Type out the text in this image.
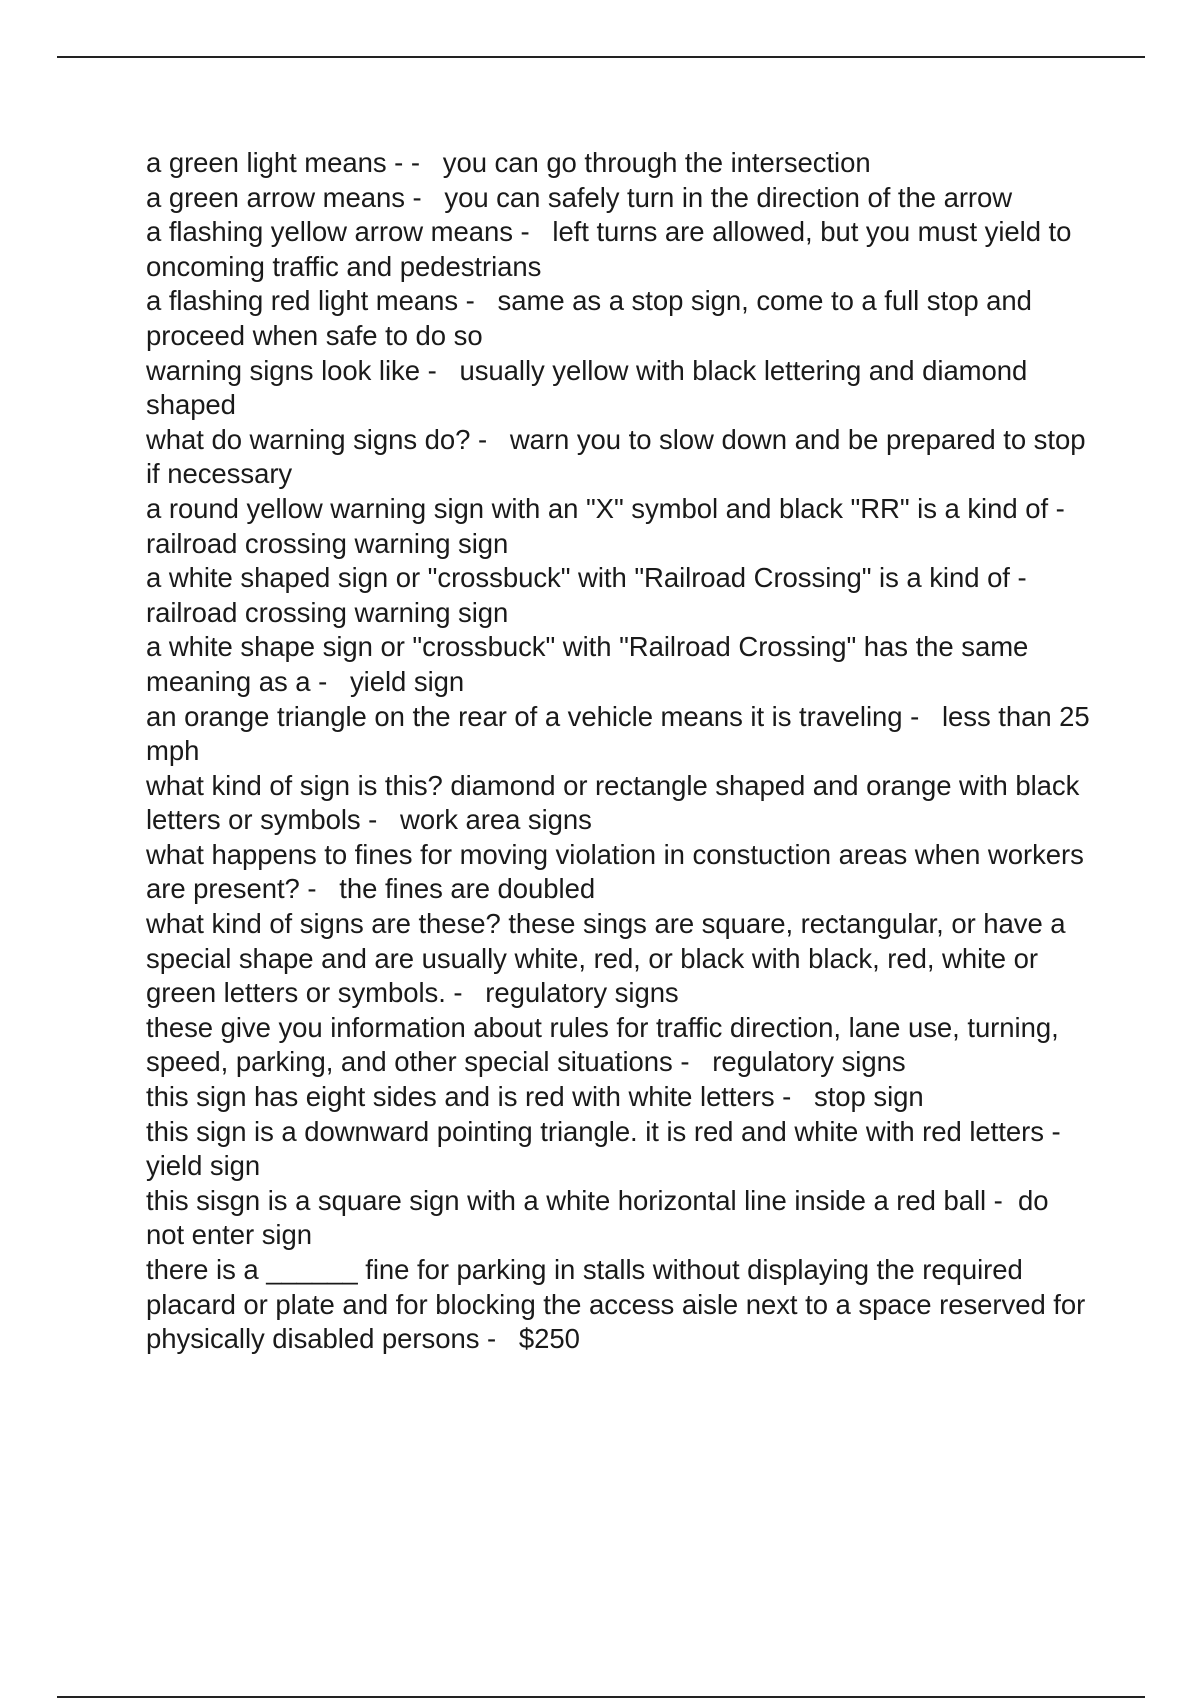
a green light means - -   you can go through the intersection

a green arrow means -   you can safely turn in the direction of the arrow

a flashing yellow arrow means -   left turns are allowed, but you must yield to oncoming traffic and pedestrians

a flashing red light means -   same as a stop sign, come to a full stop and proceed when safe to do so

warning signs look like -   usually yellow with black lettering and diamond shaped

what do warning signs do? -   warn you to slow down and be prepared to stop if necessary

a round yellow warning sign with an "X" symbol and black "RR" is a kind of -   railroad crossing warning sign

a white shaped sign or "crossbuck" with "Railroad Crossing" is a kind of -   railroad crossing warning sign

a white shape sign or "crossbuck" with "Railroad Crossing" has the same meaning as a -   yield sign

an orange triangle on the rear of a vehicle means it is traveling -   less than 25 mph

what kind of sign is this? diamond or rectangle shaped and orange with black letters or symbols -   work area signs

what happens to fines for moving violation in constuction areas when workers are present? -   the fines are doubled

what kind of signs are these? these sings are square, rectangular, or have a special shape and are usually white, red, or black with black, red, white or green letters or symbols. -   regulatory signs

these give you information about rules for traffic direction, lane use, turning, speed, parking, and other special situations -   regulatory signs

this sign has eight sides and is red with white letters -   stop sign

this sign is a downward pointing triangle. it is red and white with red letters -   yield sign

this sisgn is a square sign with a white horizontal line inside a red ball -  do not enter sign

there is a ______ fine for parking in stalls without displaying the required placard or plate and for blocking the access aisle next to a space reserved for physically disabled persons -   $250
